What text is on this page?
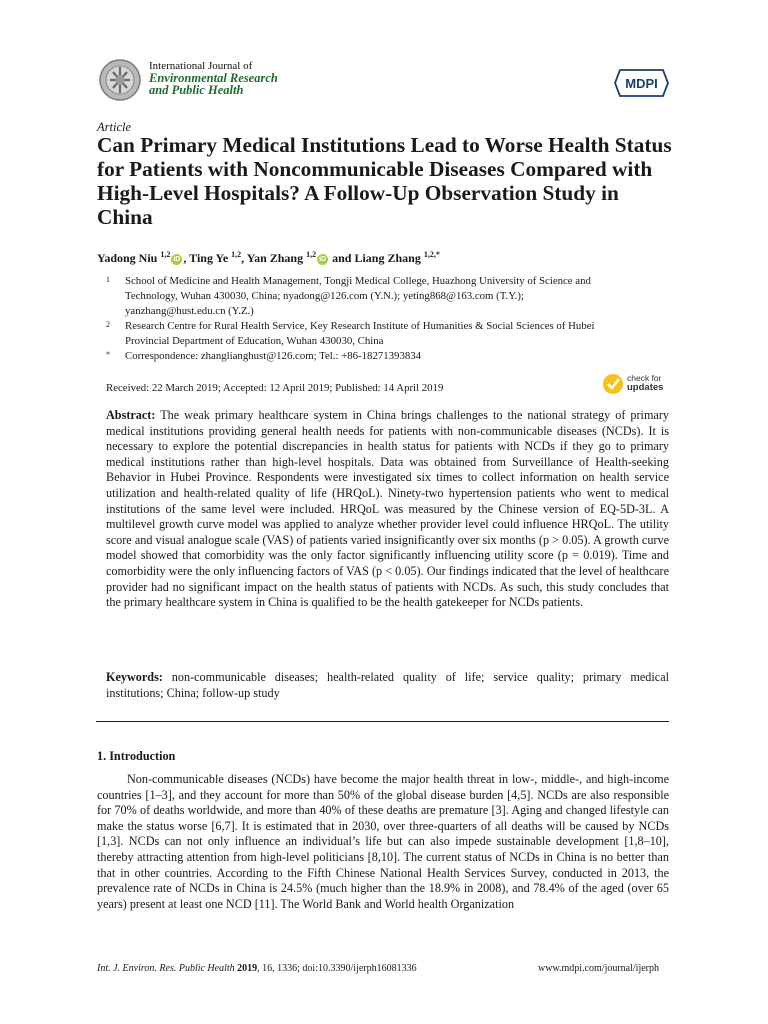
International Journal of
Environmental Research
and Public Health	MDPI
Article
Can Primary Medical Institutions Lead to Worse Health Status for Patients with Noncommunicable Diseases Compared with High-Level Hospitals? A Follow-Up Observation Study in China
Yadong Niu $^{1,2}$iD , Ting Ye $^{1,2}$, Yan Zhang $^{1,2}$iD and Liang Zhang $^{1,2,*}$
1 School of Medicine and Health Management, Tongji Medical College, Huazhong University of Science and
Technology, Wuhan 430030, China; nyadong@126.com (Y.N.); yeting868@163.com (T.Y.);
yanzhang@hust.edu.cn (Y.Z.)
2 Research Centre for Rural Health Service, Key Research Institute of Humanities & Social Sciences of Hubei
Provincial Department of Education, Wuhan 430030, China
* Correspondence: zhanglianghust@126.com; Tel.: +86-18271393834
Received: 22 March 2019; Accepted: 12 April 2019; Published: 14 April 2019
check for
updates
Abstract: The weak primary healthcare system in China brings challenges to the national strategy of primary medical institutions providing general health needs for patients with non-communicable diseases (NCDs). It is necessary to explore the potential discrepancies in health status for patients with NCDs if they go to primary medical institutions rather than high-level hospitals. Data was obtained from Surveillance of Health-seeking Behavior in Hubei Province. Respondents were investigated six times to collect information on health service utilization and health-related quality of life (HRQoL). Ninety-two hypertension patients who went to medical institutions of the same level were included. HRQoL was measured by the Chinese version of EQ-5D-3L. A multilevel growth curve model was applied to analyze whether provider level could influence HRQoL. The utility score and visual analogue scale (VAS) of patients varied insignificantly over six months (p > 0.05). A growth curve model showed that comorbidity was the only factor significantly influencing utility score (p = 0.019). Time and comorbidity were the only influencing factors of VAS (p < 0.05). Our findings indicated that the level of healthcare provider had no significant impact on the health status of patients with NCDs. As such, this study concludes that the primary healthcare system in China is qualified to be the health gatekeeper for NCDs patients.
Keywords: non-communicable diseases; health-related quality of life; service quality; primary medical institutions; China; follow-up study
1. Introduction
Non-communicable diseases (NCDs) have become the major health threat in low-, middle-, and high-income countries [1–3], and they account for more than 50% of the global disease burden [4,5]. NCDs are also responsible for 70% of deaths worldwide, and more than 40% of these deaths are premature [3]. Aging and changed lifestyle can make the status worse [6,7]. It is estimated that in 2030, over three-quarters of all deaths will be caused by NCDs [1,3]. NCDs can not only influence an individual’s life but can also impede sustainable development [1,8–10], thereby attracting attention from high-level politicians [8,10]. The current status of NCDs in China is no better than that in other countries. According to the Fifth Chinese National Health Services Survey, conducted in 2013, the prevalence rate of NCDs in China is 24.5% (much higher than the 18.9% in 2008), and 78.4% of the aged (over 65 years) present at least one NCD [11]. The World Bank and World health Organization
Int. J. Environ. Res. Public Health 2019, 16, 1336; doi:10.3390/ijerph16081336	www.mdpi.com/journal/ijerph
